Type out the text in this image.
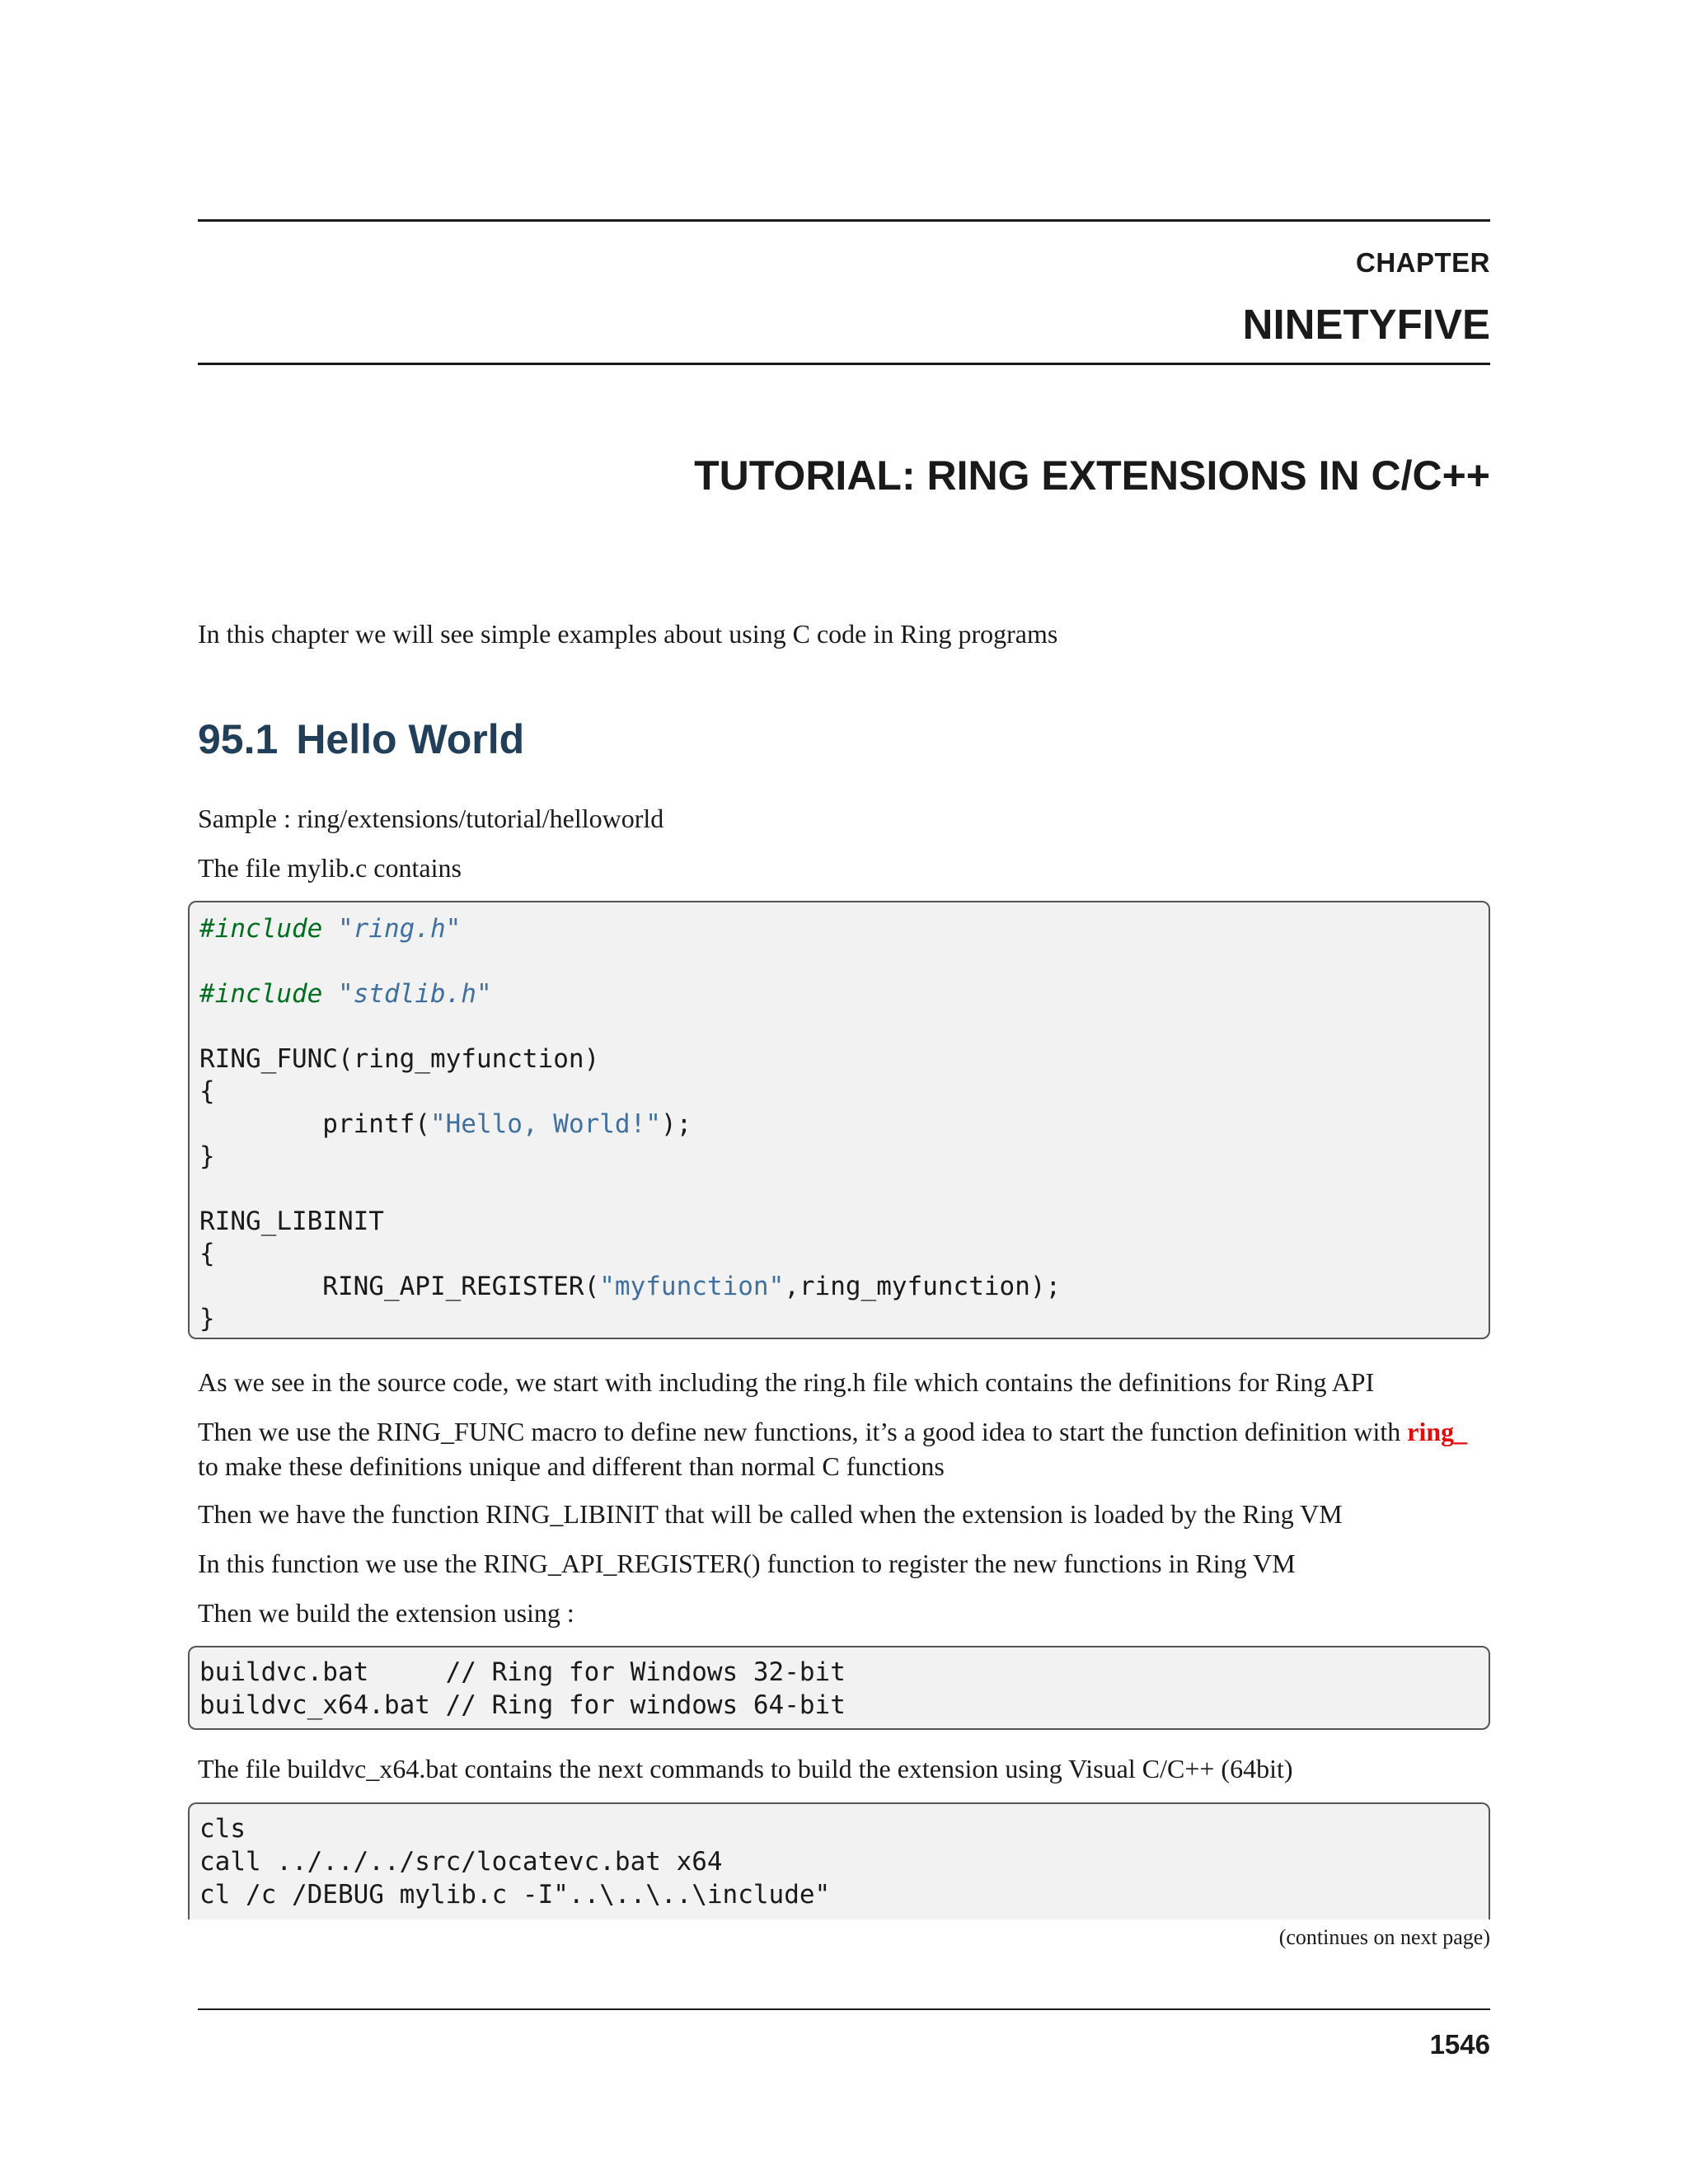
CHAPTER
NINETYFIVE
TUTORIAL: RING EXTENSIONS IN C/C++
In this chapter we will see simple examples about using C code in Ring programs
95.1 Hello World
Sample : ring/extensions/tutorial/helloworld
The file mylib.c contains
#include "ring.h"
#include "stdlib.h"
RING_FUNC(ring_myfunction)
{
printf("Hello, World!");
}
RING_LIBINIT
{
RING_API_REGISTER("myfunction",ring_myfunction);
}
As we see in the source code, we start with including the ring.h file which contains the definitions for Ring API
Then we use the RING_FUNC macro to define new functions, it’s a good idea to start the function definition with ring_
to make these definitions unique and different than normal C functions
Then we have the function RING_LIBINIT that will be called when the extension is loaded by the Ring VM
In this function we use the RING_API_REGISTER() function to register the new functions in Ring VM
Then we build the extension using :
buildvc.bat     // Ring for Windows 32-bit
buildvc_x64.bat // Ring for windows 64-bit
The file buildvc_x64.bat contains the next commands to build the extension using Visual C/C++ (64bit)
cls
call ../../../src/locatevc.bat x64
cl /c /DEBUG mylib.c -I"..\..\..\include"
(continues on next page)
1546
